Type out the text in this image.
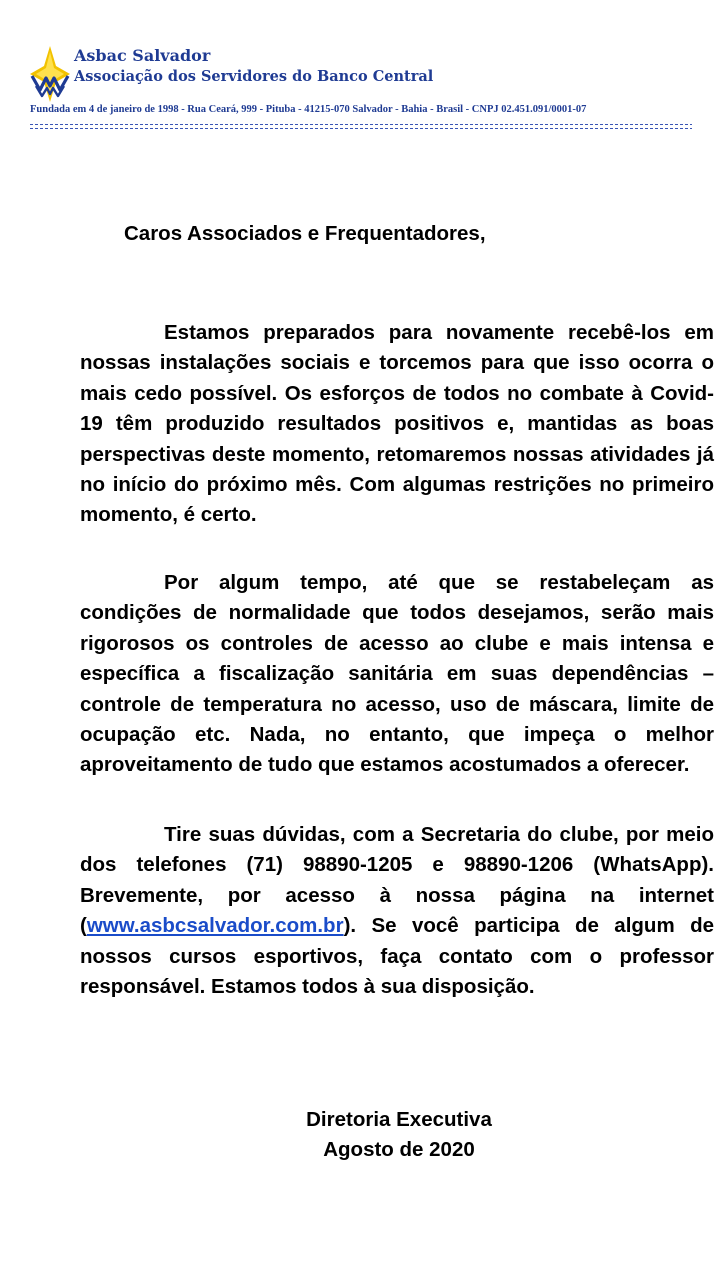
Asbac Salvador
Associação dos Servidores do Banco Central
Fundada em 4 de janeiro de 1998 - Rua Ceará, 999 - Pituba - 41215-070 Salvador - Bahia - Brasil - CNPJ 02.451.091/0001-07
Caros Associados e Frequentadores,

Estamos preparados para novamente recebê-los em nossas instalações sociais e torcemos para que isso ocorra o mais cedo possível. Os esforços de todos no combate à Covid-19 têm produzido resultados positivos e, mantidas as boas perspectivas deste momento, retomaremos nossas atividades já no início do próximo mês. Com algumas restrições no primeiro momento, é certo.

Por algum tempo, até que se restabeleçam as condições de normalidade que todos desejamos, serão mais rigorosos os controles de acesso ao clube e mais intensa e específica a fiscalização sanitária em suas dependências – controle de temperatura no acesso, uso de máscara, limite de ocupação etc. Nada, no entanto, que impeça o melhor aproveitamento de tudo que estamos acostumados a oferecer.

Tire suas dúvidas, com a Secretaria do clube, por meio dos telefones (71) 98890-1205 e 98890-1206 (WhatsApp). Brevemente, por acesso à nossa página na internet (www.asbcsalvador.com.br). Se você participa de algum de nossos cursos esportivos, faça contato com o professor responsável. Estamos todos à sua disposição.

Diretoria Executiva
Agosto de 2020
